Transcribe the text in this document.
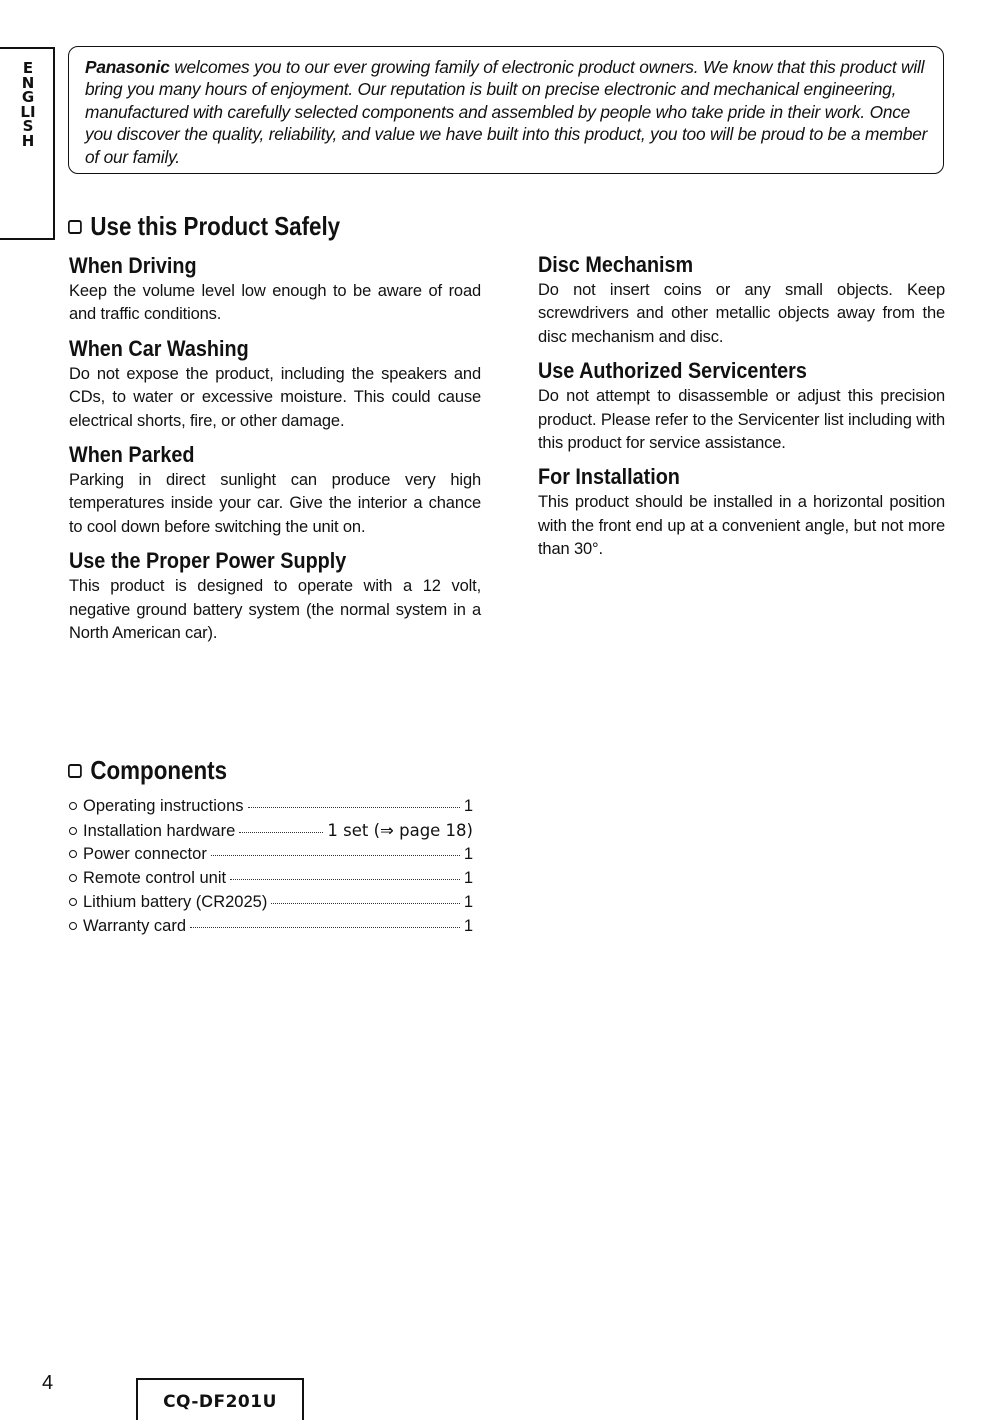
ENGLISH

Panasonic welcomes you to our ever growing family of electronic product owners. We know that this product will bring you many hours of enjoyment. Our reputation is built on precise electronic and mechanical engineering, manufactured with carefully selected components and assembled by people who take pride in their work. Once you discover the quality, reliability, and value we have built into this product, you too will be proud to be a member of our family.

Use this Product Safely
When Driving

Keep the volume level low enough to be aware of road and traffic conditions.

When Car Washing

Do not expose the product, including the speakers and CDs, to water or excessive moisture. This could cause electrical shorts, fire, or other damage.

When Parked

Parking in direct sunlight can produce very high temperatures inside your car. Give the interior a chance to cool down before switching the unit on.

Use the Proper Power Supply

This product is designed to operate with a 12 volt, negative ground battery system (the normal system in a North American car).

Disc Mechanism

Do not insert coins or any small objects. Keep screwdrivers and other metallic objects away from the disc mechanism and disc.

Use Authorized Servicenters

Do not attempt to disassemble or adjust this precision product. Please refer to the Servicenter list including with this product for service assistance.

For Installation

This product should be installed in a horizontal position with the front end up at a convenient angle, but not more than 30°.

Components
Operating instructions	1
Installation hardware	1 set (⇒ page 18)
Power connector	1
Remote control unit	1
Lithium battery (CR2025)	1
Warranty card	1
4
CQ-DF201U
